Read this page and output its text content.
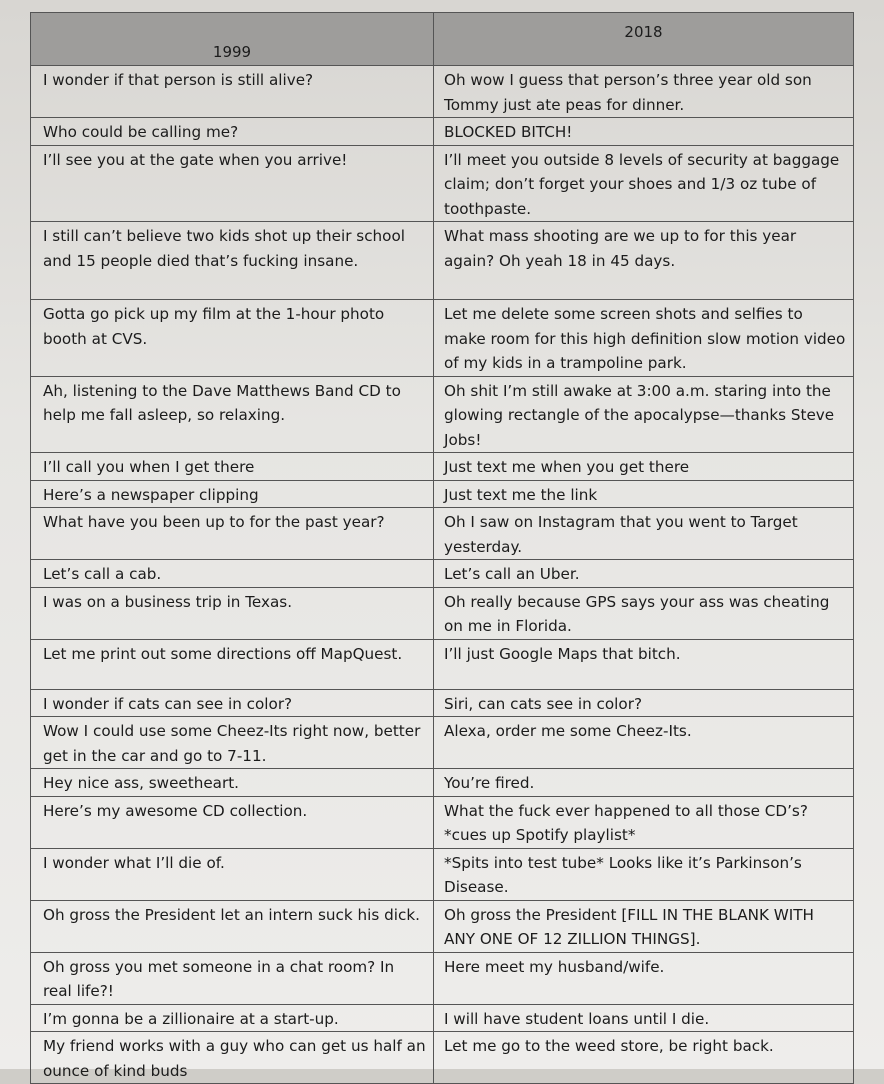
1999	2018
I wonder if that person is still alive?	Oh wow I guess that person’s three year old son Tommy just ate peas for dinner.
Who could be calling me?	BLOCKED BITCH!
I’ll see you at the gate when you arrive!	I’ll meet you outside 8 levels of security at baggage claim; don’t forget your shoes and 1/3 oz tube of toothpaste.
I still can’t believe two kids shot up their school and 15 people died that’s fucking insane.	What mass shooting are we up to for this year again? Oh yeah 18 in 45 days.
Gotta go pick up my film at the 1-hour photo booth at CVS.	Let me delete some screen shots and selfies to make room for this high definition slow motion video of my kids in a trampoline park.
Ah, listening to the Dave Matthews Band CD to help me fall asleep, so relaxing.	Oh shit I’m still awake at 3:00 a.m. staring into the glowing rectangle of the apocalypse—thanks Steve Jobs!
I’ll call you when I get there	Just text me when you get there
Here’s a newspaper clipping	Just text me the link
What have you been up to for the past year?	Oh I saw on Instagram that you went to Target yesterday.
Let’s call a cab.	Let’s call an Uber.
I was on a business trip in Texas.	Oh really because GPS says your ass was cheating on me in Florida.
Let me print out some directions off MapQuest.	I’ll just Google Maps that bitch.
I wonder if cats can see in color?	Siri, can cats see in color?
Wow I could use some Cheez-Its right now, better get in the car and go to 7-11.	Alexa, order me some Cheez-Its.
Hey nice ass, sweetheart.	You’re fired.
Here’s my awesome CD collection.	What the fuck ever happened to all those CD’s? *cues up Spotify playlist*
I wonder what I’ll die of.	*Spits into test tube* Looks like it’s Parkinson’s Disease.
Oh gross the President let an intern suck his dick.	Oh gross the President [FILL IN THE BLANK WITH ANY ONE OF 12 ZILLION THINGS].
Oh gross you met someone in a chat room? In real life?!	Here meet my husband/wife.
I’m gonna be a zillionaire at a start-up.	I will have student loans until I die.
My friend works with a guy who can get us half an ounce of kind buds	Let me go to the weed store, be right back.
